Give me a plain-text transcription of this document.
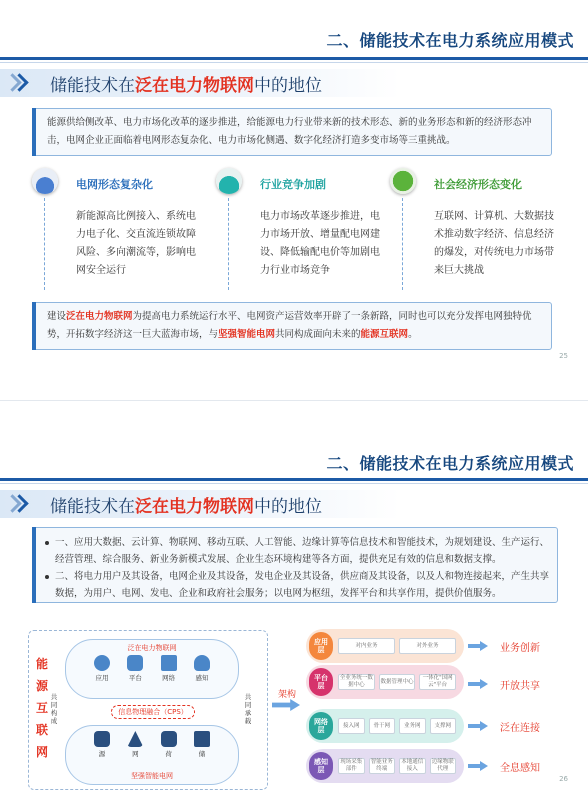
二、储能技术在电力系统应用模式
储能技术在泛在电力物联网中的地位
能源供给侧改革、电力市场化改革的逐步推进，给能源电力行业带来新的技术形态、新的业务形态和新的经济形态冲击，电网企业正面临着电网形态复杂化、电力市场化侧遇、数字化经济打造多变市场等三重挑战。
电网形态复杂化
新能源高比例接入、系统电力电子化、交直流连锁故障风险、多向潮流等，影响电网安全运行
行业竞争加剧
电力市场改革逐步推进，电力市场开放、增量配电网建设、降低输配电价等加剧电力行业市场竞争
社会经济形态变化
互联网、计算机、大数据技术推动数字经济、信息经济的爆发，对传统电力市场带来巨大挑战
建设泛在电力物联网为提高电力系统运行水平、电网资产运营效率开辟了一条新路，同时也可以充分发挥电网独特优势，开拓数字经济这一巨大蓝海市场，与坚强智能电网共同构成面向未来的能源互联网。
25
二、储能技术在电力系统应用模式
储能技术在泛在电力物联网中的地位
一、应用大数据、云计算、物联网、移动互联、人工智能、边缘计算等信息技术和智能技术，为规划建设、生产运行、经营管理、综合服务、新业务新模式发展、企业生态环境构建等各方面，提供充足有效的信息和数据支撑。
二、将电力用户及其设备，电网企业及其设备，发电企业及其设备，供应商及其设备，以及人和物连接起来，产生共享数据，为用户、电网、发电、企业和政府社会服务；以电网为枢纽，发挥平台和共享作用，提供价值服务。
能
源
互
联
网
共同构成
共同承载
泛在电力物联网
应用	平台	网络	感知
信息物理融合（CPS）
源	网	荷	储
坚强智能电网
架构
应用层
对内业务	对外业务
平台层
全业务统一数据中心
数据管理中心
一体化"国网云"平台
网络层
接入网	骨干网	业务网	支撑网
感知层
现场采集部件
智能业务终端
本地通信接入
边缘物联代理
业务创新
开放共享
泛在连接
全息感知
26
